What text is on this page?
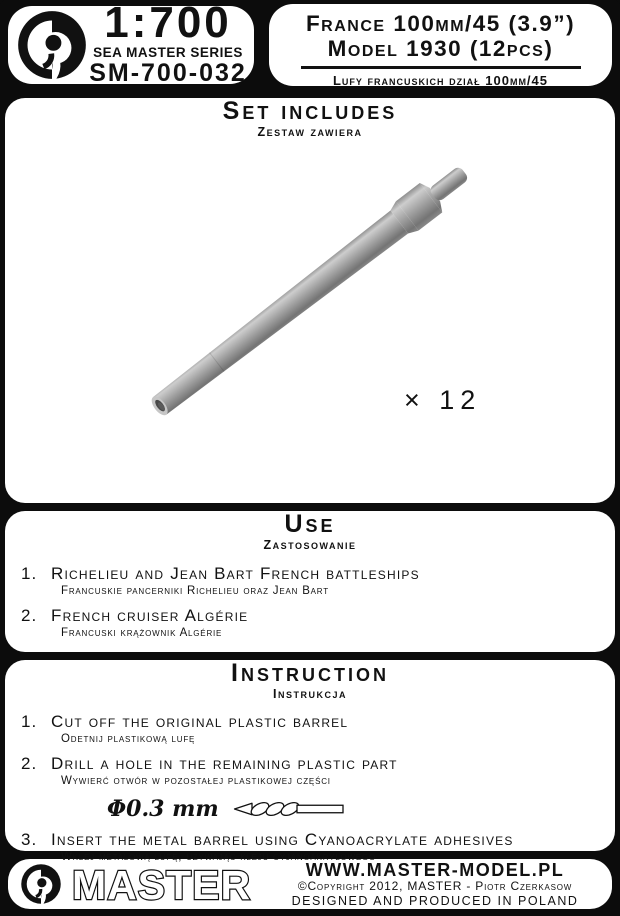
1:700
SEA MASTER SERIES
SM-700-032
France 100mm/45 (3.9”)
Model 1930 (12pcs)
Lufy francuskich dział 100mm/45
Set includes
Zestaw zawiera
× 12
Use
Zastosowanie
1. Richelieu and Jean Bart French battleships
Francuskie pancerniki Richelieu oraz Jean Bart
2. French cruiser Algérie
Francuski krążownik Algérie
Instruction
Instrukcja
1. Cut off the original plastic barrel
Odetnij plastikową lufę
2. Drill a hole in the remaining plastic part
Wywierć otwór w pozostałej plastikowej części
Φ0.3 mm
3. Insert the metal barrel using Cyanoacrylate adhesives
Wklej metalową lufę, używając kleju cyjanoakrylowego
MASTER	WWW.MASTER-MODEL.PL
©Copyright 2012, MASTER - Piotr Czerkasow
DESIGNED AND PRODUCED IN POLAND
